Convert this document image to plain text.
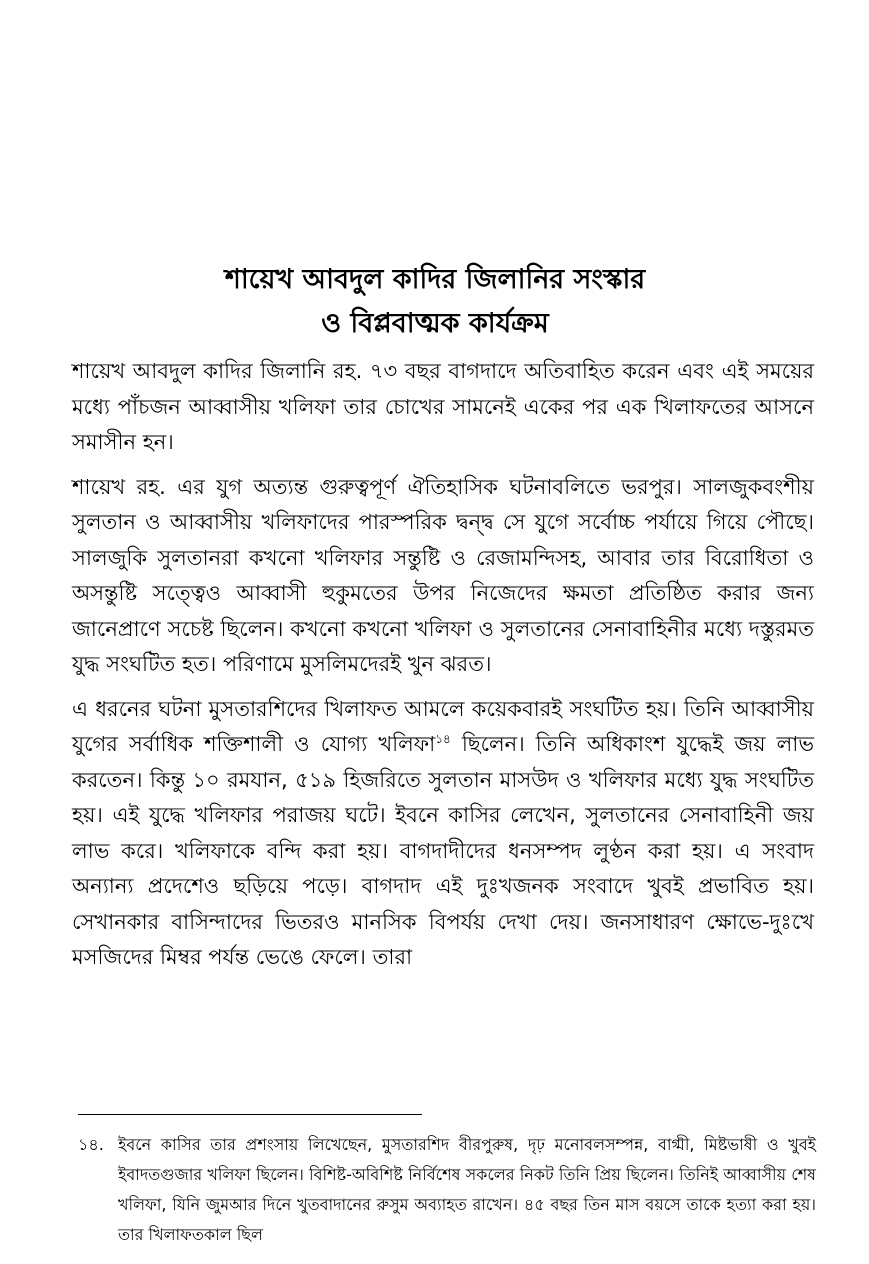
শায়েখ আবদুল কাদির জিলানির সংস্কার
ও বিপ্লবাত্মক কার্যক্রম

শায়েখ আবদুল কাদির জিলানি রহ. ৭৩ বছর বাগদাদে অতিবাহিত করেন এবং এই সময়ের মধ্যে পাঁচজন আব্বাসীয় খলিফা তার চোখের সামনেই একের পর এক খিলাফতের আসনে সমাসীন হন।

শায়েখ রহ. এর যুগ অত্যন্ত গুরুত্বপূর্ণ ঐতিহাসিক ঘটনাবলিতে ভরপুর। সালজুকবংশীয় সুলতান ও আব্বাসীয় খলিফাদের পারস্পরিক দ্বন্দ্ব সে যুগে সর্বোচ্চ পর্যায়ে গিয়ে পৌছে। সালজুকি সুলতানরা কখনো খলিফার সন্তুষ্টি ও রেজামন্দিসহ, আবার তার বিরোধিতা ও অসন্তুষ্টি সত্ত্বেও আব্বাসী হুকুমতের উপর নিজেদের ক্ষমতা প্রতিষ্ঠিত করার জন্য জানেপ্রাণে সচেষ্ট ছিলেন। কখনো কখনো খলিফা ও সুলতানের সেনাবাহিনীর মধ্যে দস্তুরমত যুদ্ধ সংঘটিত হত। পরিণামে মুসলিমদেরই খুন ঝরত।

এ ধরনের ঘটনা মুসতারশিদের খিলাফত আমলে কয়েকবারই সংঘটিত হয়। তিনি আব্বাসীয় যুগের সর্বাধিক শক্তিশালী ও যোগ্য খলিফা$^{১৪}$ ছিলেন। তিনি অধিকাংশ যুদ্ধেই জয় লাভ করতেন। কিন্তু ১০ রমযান, ৫১৯ হিজরিতে সুলতান মাসউদ ও খলিফার মধ্যে যুদ্ধ সংঘটিত হয়। এই যুদ্ধে খলিফার পরাজয় ঘটে। ইবনে কাসির লেখেন, সুলতানের সেনাবাহিনী জয় লাভ করে। খলিফাকে বন্দি করা হয়। বাগদাদীদের ধনসম্পদ লুণ্ঠন করা হয়। এ সংবাদ অন্যান্য প্রদেশেও ছড়িয়ে পড়ে। বাগদাদ এই দুঃখজনক সংবাদে খুবই প্রভাবিত হয়। সেখানকার বাসিন্দাদের ভিতরও মানসিক বিপর্যয় দেখা দেয়। জনসাধারণ ক্ষোভে-দুঃখে মসজিদের মিম্বর পর্যন্ত ভেঙে ফেলে। তারা

১৪. ইবনে কাসির তার প্রশংসায় লিখেছেন, মুসতারশিদ বীরপুরুষ, দৃঢ় মনোবলসম্পন্ন, বাগ্মী, মিষ্টভাষী ও খুবই ইবাদতগুজার খলিফা ছিলেন। বিশিষ্ট-অবিশিষ্ট নির্বিশেষ সকলের নিকট তিনি প্রিয় ছিলেন। তিনিই আব্বাসীয় শেষ খলিফা, যিনি জুমআর দিনে খুতবাদানের রুসুম অব্যাহত রাখেন। ৪৫ বছর তিন মাস বয়সে তাকে হত্যা করা হয়। তার খিলাফতকাল ছিল
